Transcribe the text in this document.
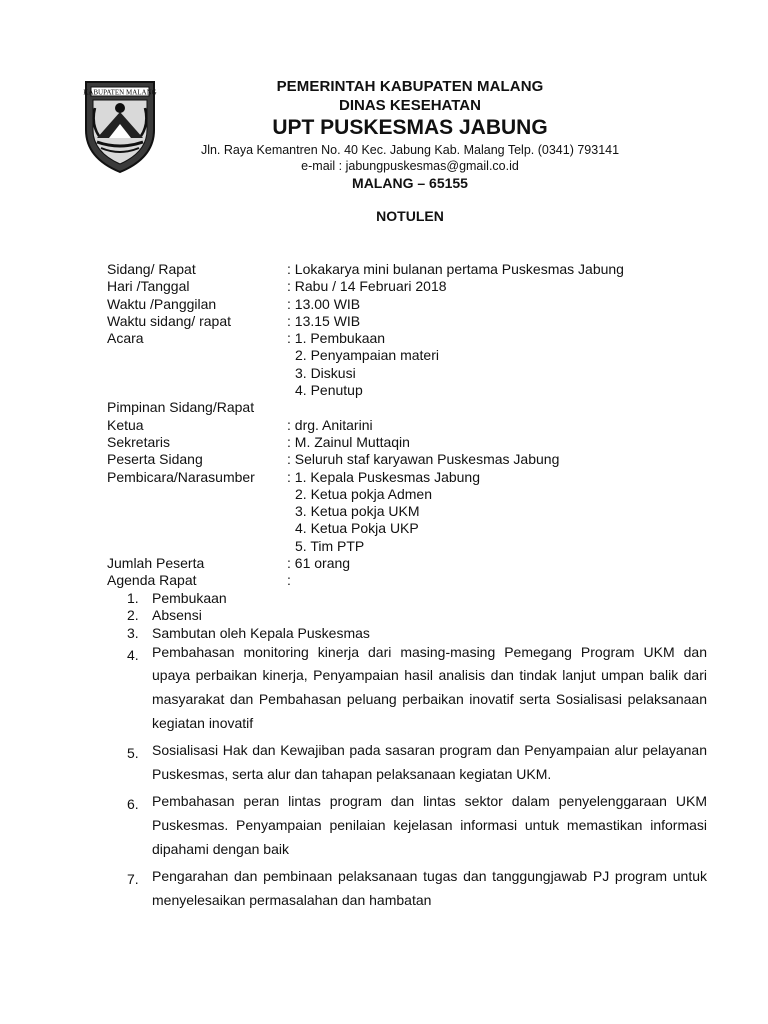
KABUPATEN MALANG	PEMERINTAH KABUPATEN MALANG
DINAS KESEHATAN
UPT PUSKESMAS JABUNG
Jln. Raya Kemantren No. 40 Kec. Jabung Kab. Malang Telp. (0341) 793141
e-mail : jabungpuskesmas@gmail.co.id
MALANG – 65155
NOTULEN
Sidang/ Rapat	: Lokakarya mini bulanan pertama Puskesmas Jabung
Hari /Tanggal	: Rabu / 14 Februari 2018
Waktu /Panggilan	: 13.00 WIB
Waktu sidang/ rapat	: 13.15 WIB
Acara	: 1. Pembukaan
2. Penyampaian materi
3. Diskusi
4. Penutup
Pimpinan Sidang/Rapat
Ketua	: drg. Anitarini
Sekretaris	: M. Zainul Muttaqin
Peserta Sidang	: Seluruh staf karyawan Puskesmas Jabung
Pembicara/Narasumber	: 1. Kepala Puskesmas Jabung
2. Ketua pokja Admen
3. Ketua pokja UKM
4. Ketua Pokja UKP
5. Tim PTP
Jumlah Peserta	: 61 orang
Agenda Rapat	:
1. Pembukaan
2. Absensi
3. Sambutan oleh Kepala Puskesmas
4. Pembahasan monitoring kinerja dari masing-masing Pemegang Program UKM dan upaya perbaikan kinerja, Penyampaian hasil analisis dan tindak lanjut umpan balik dari masyarakat dan Pembahasan peluang perbaikan inovatif serta Sosialisasi pelaksanaan kegiatan inovatif
5. Sosialisasi Hak dan Kewajiban pada sasaran program dan Penyampaian alur pelayanan Puskesmas, serta alur dan tahapan pelaksanaan kegiatan UKM.
6. Pembahasan peran lintas program dan lintas sektor dalam penyelenggaraan UKM Puskesmas. Penyampaian penilaian kejelasan informasi untuk memastikan informasi dipahami dengan baik
7. Pengarahan dan pembinaan pelaksanaan tugas dan tanggungjawab PJ program untuk menyelesaikan permasalahan dan hambatan
